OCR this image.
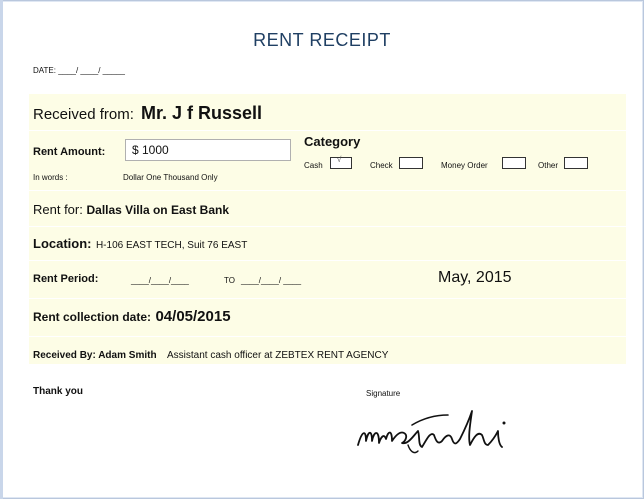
RENT RECEIPT
DATE: ____/ ____/ _____
Received from: Mr. J f Russell
Rent Amount:	$ 1000
In words :	Dollar One Thousand Only
Category
Cash
√
Check	Money Order	Other
Rent for: Dallas Villa on East Bank
Location: H-106 EAST TECH, Suit 76 EAST
Rent Period:	____/____/____	TO ____/____/ ____	May, 2015
Rent collection date: 04/05/2015
Received By: Adam Smith Assistant cash officer at ZEBTEX RENT AGENCY
Thank you	Signature
